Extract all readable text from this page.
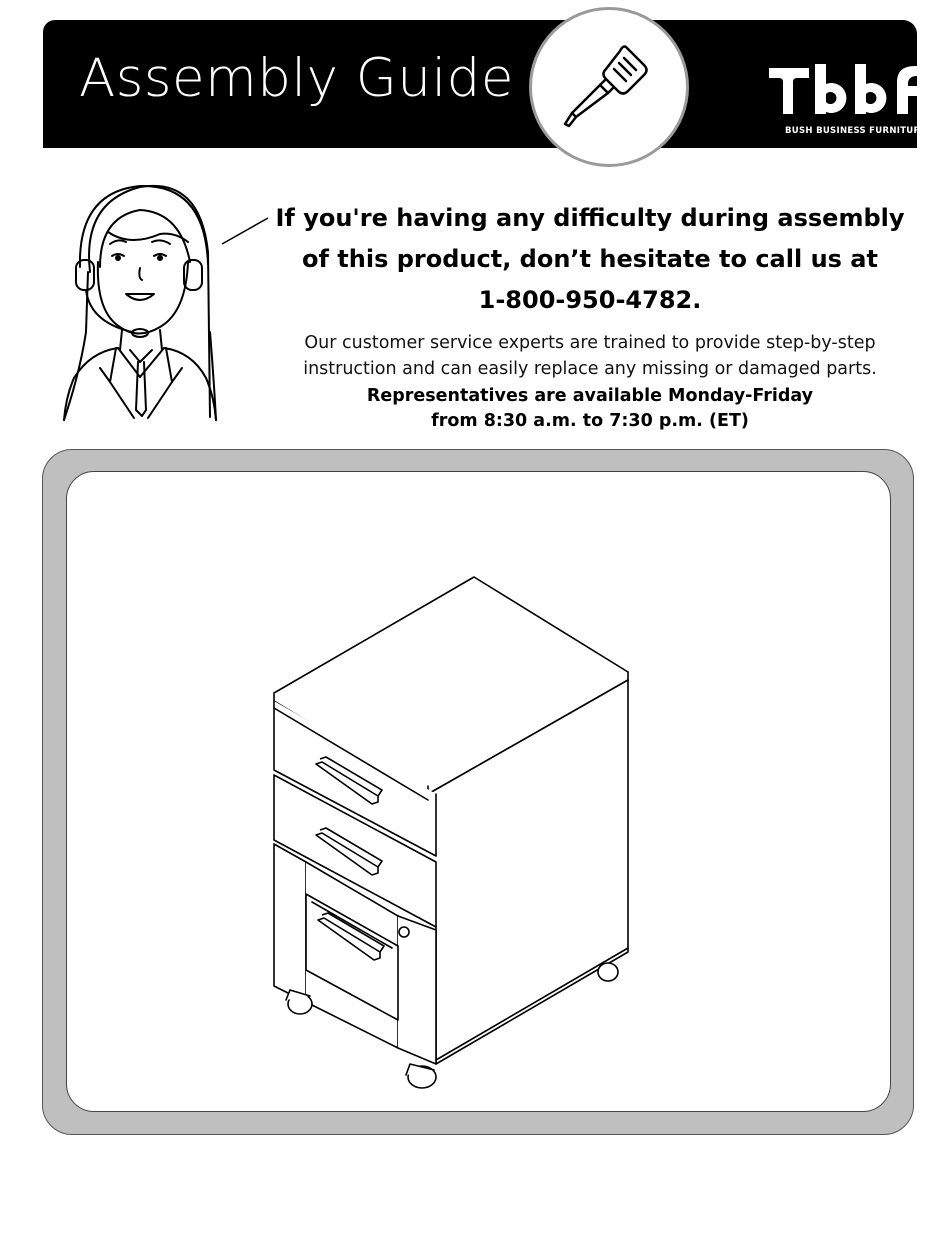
Assembly Guide
BUSH BUSINESS FURNITURE
If you're having any difficulty during assembly
of this product, don’t hesitate to call us at
1-800-950-4782.
Our customer service experts are trained to provide step-by-step
instruction and can easily replace any missing or damaged parts.
Representatives are available Monday-Friday
from 8:30 a.m. to 7:30 p.m. (ET)
